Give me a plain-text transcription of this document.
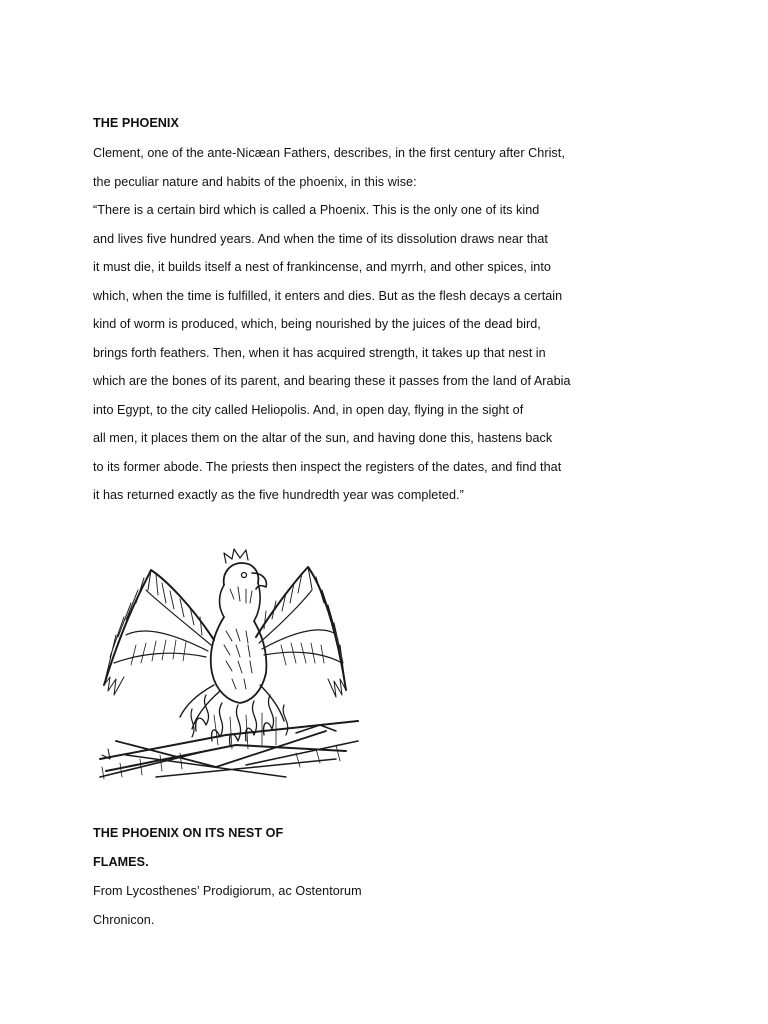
THE PHOENIX
Clement, one of the ante-Nicæan Fathers, describes, in the first century after Christ,
the peculiar nature and habits of the phoenix, in this wise:
“There is a certain bird which is called a Phoenix. This is the only one of its kind
and lives five hundred years. And when the time of its dissolution draws near that
it must die, it builds itself a nest of frankincense, and myrrh, and other spices, into
which, when the time is fulfilled, it enters and dies. But as the flesh decays a certain
kind of worm is produced, which, being nourished by the juices of the dead bird,
brings forth feathers. Then, when it has acquired strength, it takes up that nest in
which are the bones of its parent, and bearing these it passes from the land of Arabia
into Egypt, to the city called Heliopolis. And, in open day, flying in the sight of
all men, it places them on the altar of the sun, and having done this, hastens back
to its former abode. The priests then inspect the registers of the dates, and find that
it has returned exactly as the five hundredth year was completed.”
THE PHOENIX ON ITS NEST OF
FLAMES.
From Lycosthenes’ Prodigiorum, ac Ostentorum
Chronicon.
